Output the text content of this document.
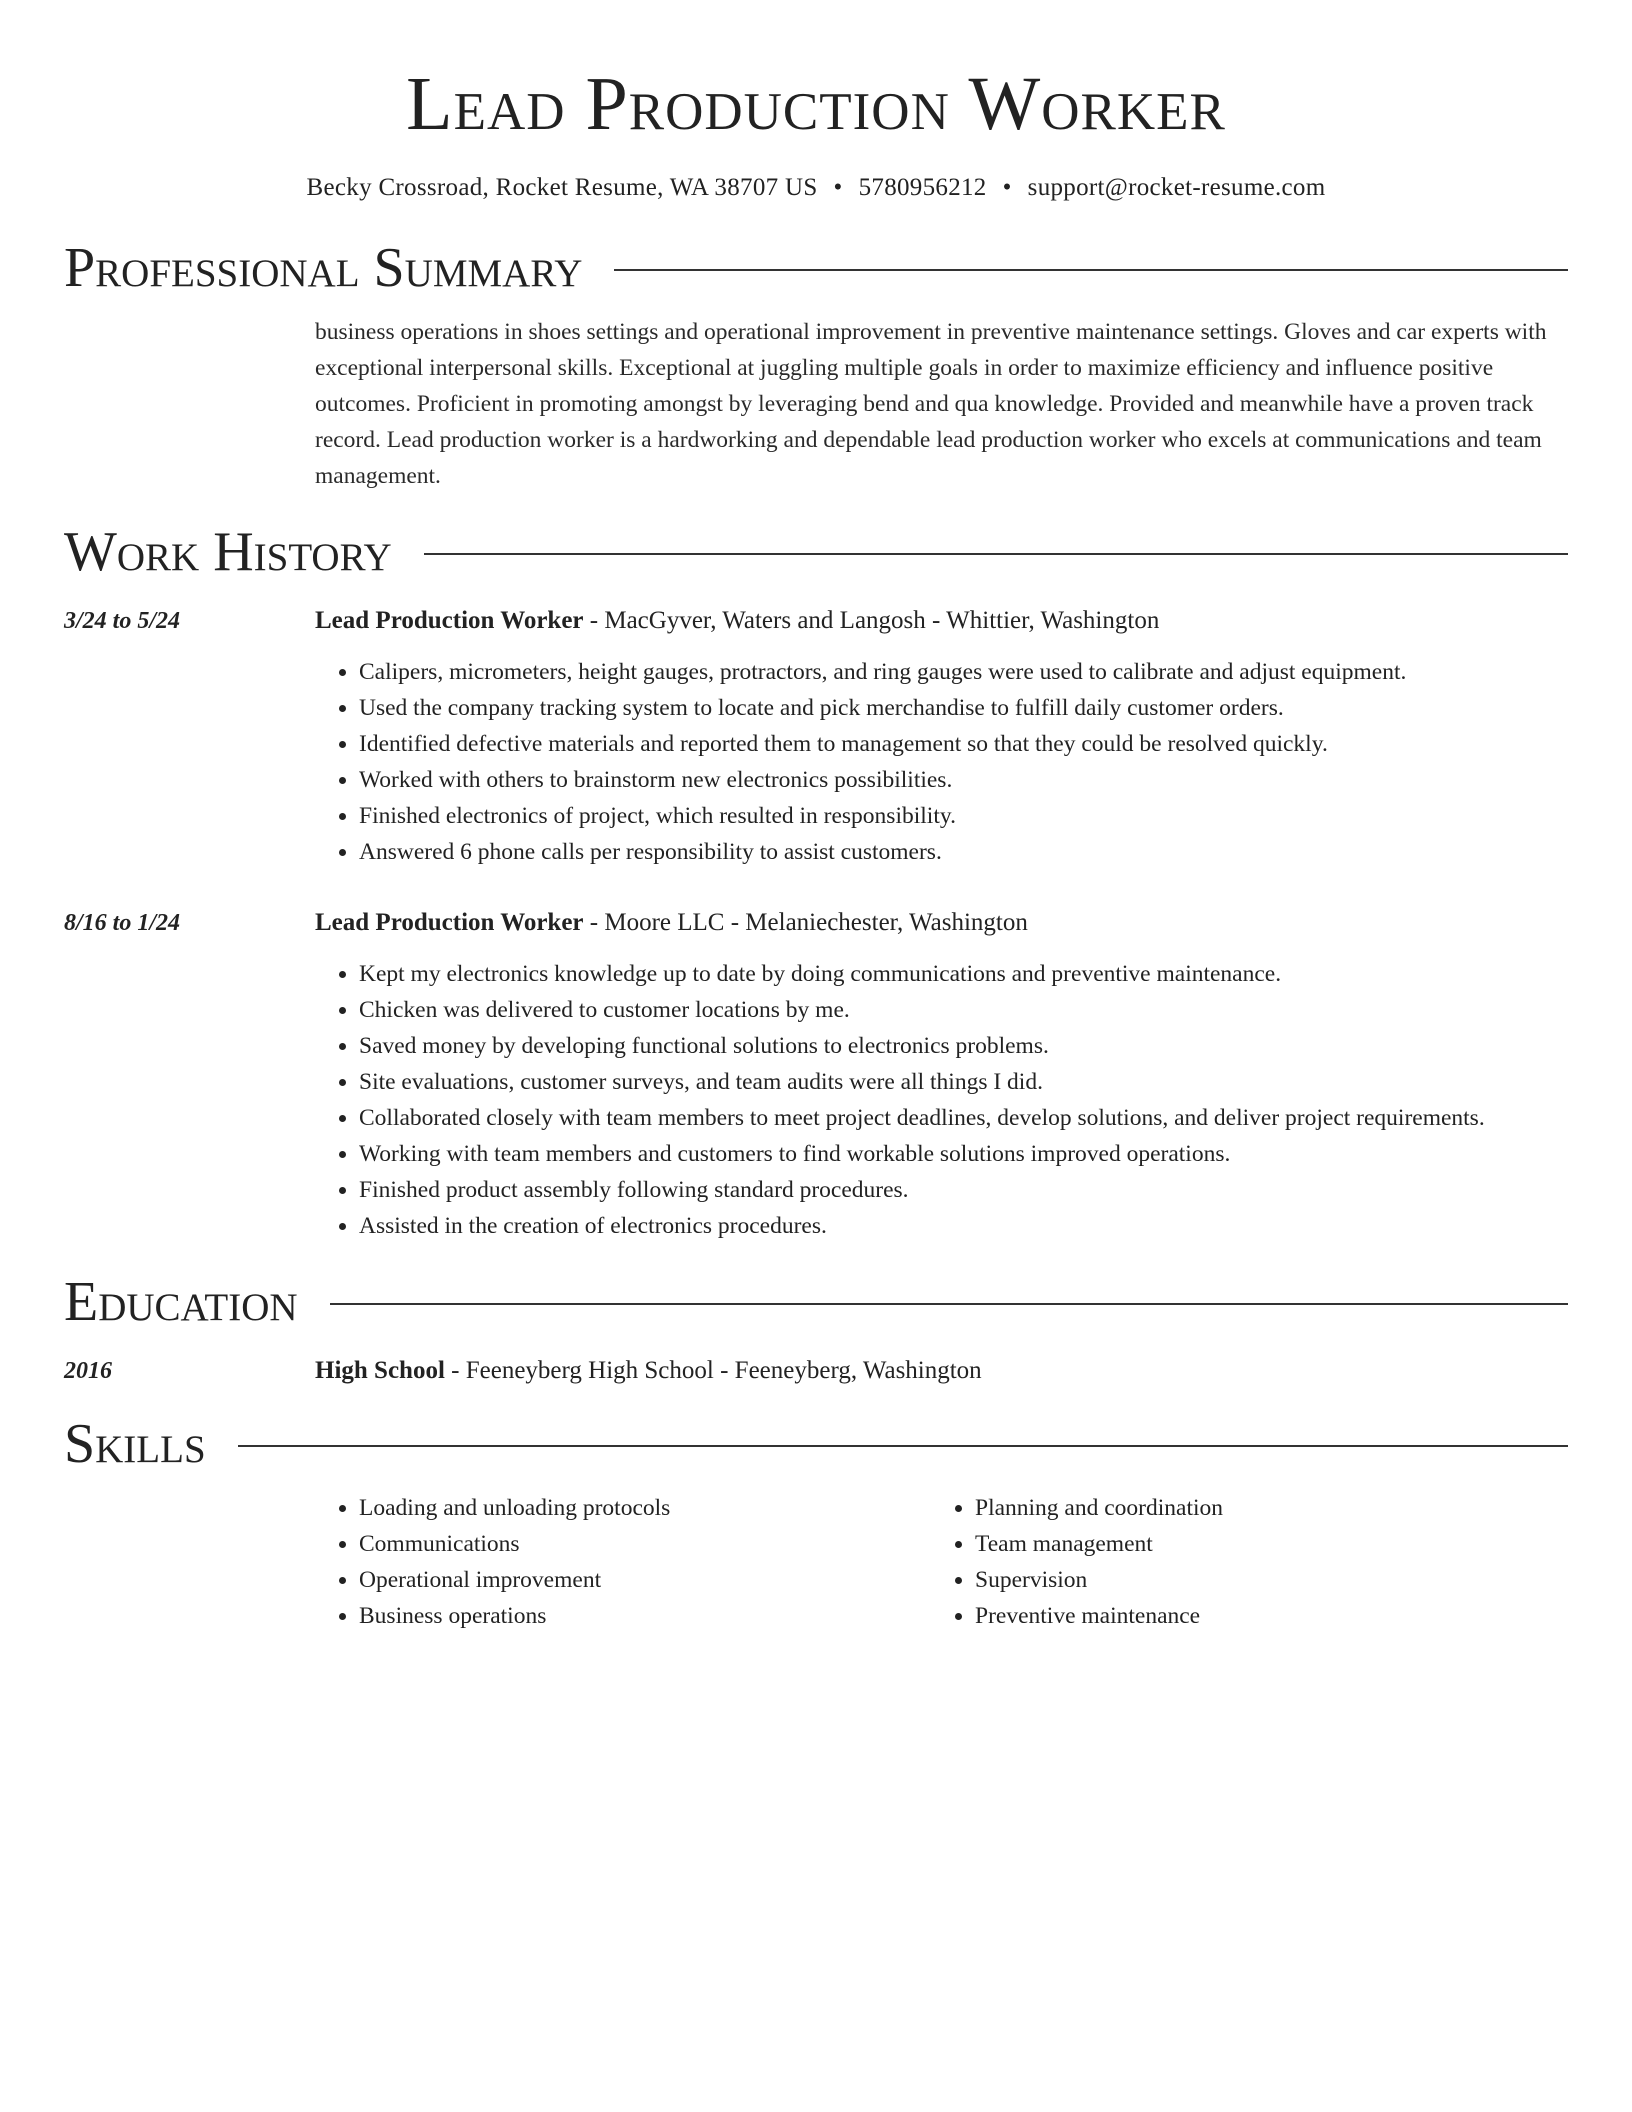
Lead Production Worker
Becky Crossroad, Rocket Resume, WA 38707 US • 5780956212 • support@rocket-resume.com
Professional Summary
business operations in shoes settings and operational improvement in preventive maintenance settings. Gloves and car experts with exceptional interpersonal skills. Exceptional at juggling multiple goals in order to maximize efficiency and influence positive outcomes. Proficient in promoting amongst by leveraging bend and qua knowledge. Provided and meanwhile have a proven track record. Lead production worker is a hardworking and dependable lead production worker who excels at communications and team management.
Work History
3/24 to 5/24	Lead Production Worker - MacGyver, Waters and Langosh - Whittier, Washington
• Calipers, micrometers, height gauges, protractors, and ring gauges were used to calibrate and adjust equipment.
• Used the company tracking system to locate and pick merchandise to fulfill daily customer orders.
• Identified defective materials and reported them to management so that they could be resolved quickly.
• Worked with others to brainstorm new electronics possibilities.
• Finished electronics of project, which resulted in responsibility.
• Answered 6 phone calls per responsibility to assist customers.
8/16 to 1/24	Lead Production Worker - Moore LLC - Melaniechester, Washington
• Kept my electronics knowledge up to date by doing communications and preventive maintenance.
• Chicken was delivered to customer locations by me.
• Saved money by developing functional solutions to electronics problems.
• Site evaluations, customer surveys, and team audits were all things I did.
• Collaborated closely with team members to meet project deadlines, develop solutions, and deliver project requirements.
• Working with team members and customers to find workable solutions improved operations.
• Finished product assembly following standard procedures.
• Assisted in the creation of electronics procedures.
Education
2016	High School - Feeneyberg High School - Feeneyberg, Washington
Skills
• Loading and unloading protocols
• Communications
• Operational improvement
• Business operations
• Planning and coordination
• Team management
• Supervision
• Preventive maintenance
